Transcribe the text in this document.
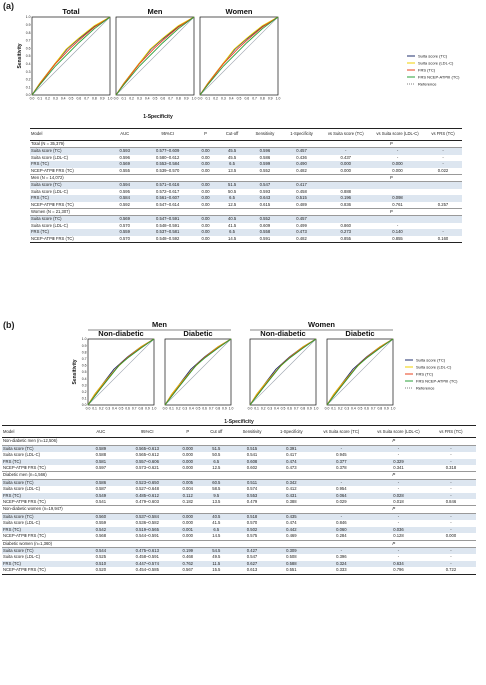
(a)
Total
0.0 0.1 0.2 0.3 0.4 0.5 0.6 0.7 0.8 0.9 1.0
0.0
0.1
0.2
0.3
0.4
0.5
0.6
0.7
0.8
0.9
1.0
Men
0.0 0.1 0.2 0.3 0.4 0.5 0.6 0.7 0.8 0.9 1.0
Women
0.0 0.1 0.2 0.3 0.4 0.5 0.6 0.7 0.8 0.9 1.0
Sensitivity
1-Specificity
Suita score (TC)
Suita score (LDL-C)
FRS (TC)
FRS NCEP-ATPIII (TC)
Reference
Model	AUC	95%CI	P	Cut-off	Sensitivity	1-Specificity	vs Suita score (TC)	vs Suita score (LDL-C)	vs FRS (TC)
Total (N = 35,379)							P		
Suita score (TC)	0.593	0.577–0.609	0.00	45.5	0.596	0.457	-	-	-
Suita score (LDL-C)	0.596	0.580–0.612	0.00	45.5	0.586	0.436	0.437	-	-
FRS (TC)	0.569	0.553–0.584	0.00	6.5	0.599	0.490	0.000	0.000	-
NCEP-ATPⅢ FRS (TC)	0.555	0.539–0.570	0.00	13.5	0.552	0.482	0.000	0.000	0.022
Men (N = 14,072)							P		
Suita score (TC)	0.594	0.571–0.616	0.00	51.5	0.547	0.417			
Suita score (LDL-C)	0.595	0.572–0.617	0.00	50.5	0.593	0.458	0.888		
FRS (TC)	0.584	0.561–0.607	0.00	6.5	0.643	0.515	0.196	0.098	
NCEP-ATPⅢ FRS (TC)	0.592	0.547–0.614	0.00	12.5	0.615	0.489	0.836	0.761	0.257
Women (N = 21,307)							P		
Suita score (TC)	0.569	0.547–0.591	0.00	40.5	0.552	0.457			
Suita score (LDL-C)	0.570	0.548–0.591	0.00	41.5	0.609	0.499	0.860	-	
FRS (TC)	0.559	0.537–0.581	0.00	6.5	0.558	0.473	0.273	0.140	-
NCEP-ATPⅢ FRS (TC)	0.570	0.548–0.592	0.00	14.5	0.591	0.482	0.855	0.855	0.160
(b)
Non-diabetic
0.0 0.1 0.2 0.3 0.4 0.5 0.6 0.7 0.8 0.9 1.0
0.0
0.1
0.2
0.3
0.4
0.5
0.6
0.7
0.8
0.9
1.0
Diabetic
0.0 0.1 0.2 0.3 0.4 0.5 0.6 0.7 0.8 0.9 1.0
Non-diabetic
0.0 0.1 0.2 0.3 0.4 0.5 0.6 0.7 0.8 0.9 1.0
Diabetic
0.0 0.1 0.2 0.3 0.4 0.5 0.6 0.7 0.8 0.9 1.0
Men	Women
Sensitivity	Suita score (TC)
Suita score (LDL-C)
FRS (TC)
FRS NCEP-ATPIII (TC)
Reference
1-Specificity									
Model	AUC	95%CI	P	Cut off	Sensitivity	1-Specificity	vs Suita score (TC)	vs Suita score (LDL-C)	vs FRS (TC)
Non-diabetic men (n=12,506)							P		
Suita score (TC)	0.589	0.565–0.613	0.000	51.5	0.515	0.391	-	-	-
Suita score (LDL-C)	0.588	0.565–0.612	0.000	50.5	0.541	0.417	0.945	-	-
FRS (TC)	0.581	0.557–0.606	0.000	6.5	0.608	0.474	0.377	0.329	-
NCEP-ATPⅢ FRS (TC)	0.597	0.573–0.621	0.000	12.5	0.602	0.473	0.378	0.341	0.318
Diabetic men (n=1,566)							P		
Suita score (TC)	0.586	0.523–0.650	0.005	60.5	0.511	0.342	-	-	-
Suita score (LDL-C)	0.587	0.527–0.648	0.004	58.5	0.574	0.412	0.954	-	-
FRS (TC)	0.549	0.485–0.612	0.112	9.5	0.553	0.431	0.064	0.028	-
NCEP-ATPⅢ FRS (TC)	0.541	0.479–0.603	0.182	13.5	0.479	0.388	0.029	0.018	0.846
Non-diabetic women (n=19,947)							P		
Suita score (TC)	0.560	0.537–0.584	0.000	40.5	0.518	0.435	-	-	-
Suita score (LDL-C)	0.559	0.536–0.582	0.000	41.5	0.570	0.474	0.846	-	-
FRS (TC)	0.542	0.519–0.565	0.001	6.5	0.502	0.442	0.060	0.036	-
NCEP-ATPⅢ FRS (TC)	0.568	0.544–0.591	0.000	14.5	0.575	0.469	0.284	0.128	0.000
Diabetic women (n=1,360)							P		
Suita score (TC)	0.544	0.475–0.613	0.199	54.5	0.427	0.309	-	-	-
Suita score (LDL-C)	0.525	0.458–0.591	0.468	49.5	0.547	0.508	0.396	-	-
FRS (TC)	0.510	0.447–0.574	0.762	11.5	0.627	0.588	0.324	0.634	-
NCEP-ATPⅢ FRS (TC)	0.520	0.454–0.585	0.567	15.5	0.613	0.551	0.333	0.796	0.722
